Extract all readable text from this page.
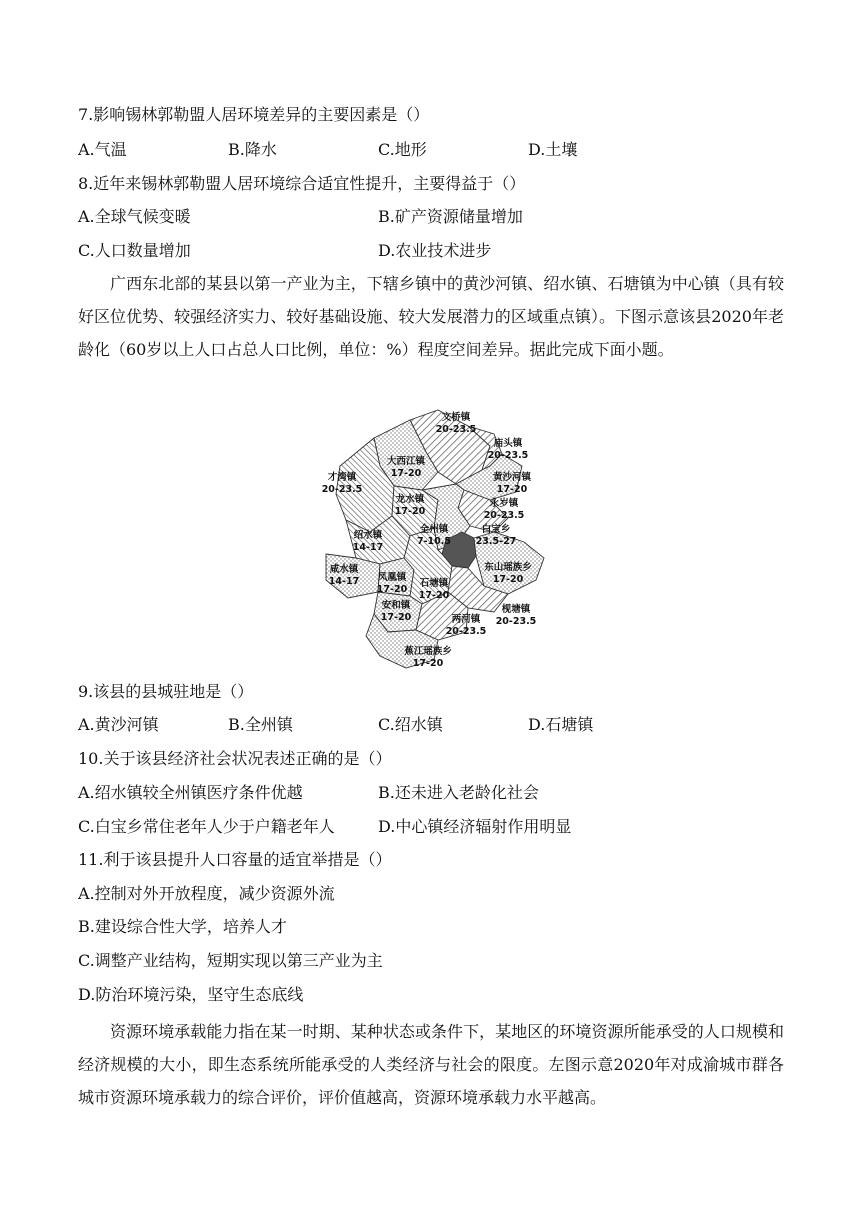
7.影响锡林郭勒盟人居环境差异的主要因素是（）
A.气温	B.降水	C.地形	D.土壤
8.近年来锡林郭勒盟人居环境综合适宜性提升，主要得益于（）
A.全球气候变暖	B.矿产资源储量增加
C.人口数量增加	D.农业技术进步
广西东北部的某县以第一产业为主，下辖乡镇中的黄沙河镇、绍水镇、石塘镇为中心镇（具有较好区位优势、较强经济实力、较好基础设施、较大发展潜力的区域重点镇）。下图示意该县2020年老龄化（60岁以上人口占总人口比例，单位：%）程度空间差异。据此完成下面小题。
文桥镇
20-23.5
庙头镇
20-23.5
大西江镇
17-20	黄沙河镇
17-20
才湾镇
20-23.5
永岁镇
20-23.5
龙水镇
17-20
白宝乡
23.5-27
全州镇
7-10.5
绍水镇
14-17
东山瑶族乡
17-20
咸水镇
14-17 凤凰镇
17-20
石塘镇
17-20
安和镇
17-20
枧塘镇
20-23.5
两河镇
20-23.5
蕉江瑶族乡
17-20
9.该县的县城驻地是（）
A.黄沙河镇	B.全州镇	C.绍水镇	D.石塘镇
10.关于该县经济社会状况表述正确的是（）
A.绍水镇较全州镇医疗条件优越	B.还未进入老龄化社会
C.白宝乡常住老年人少于户籍老年人	D.中心镇经济辐射作用明显
11.利于该县提升人口容量的适宜举措是（）
A.控制对外开放程度，减少资源外流
B.建设综合性大学，培养人才
C.调整产业结构，短期实现以第三产业为主
D.防治环境污染，坚守生态底线
资源环境承载能力指在某一时期、某种状态或条件下，某地区的环境资源所能承受的人口规模和经济规模的大小，即生态系统所能承受的人类经济与社会的限度。左图示意2020年对成渝城市群各城市资源环境承载力的综合评价，评价值越高，资源环境承载力水平越高。
